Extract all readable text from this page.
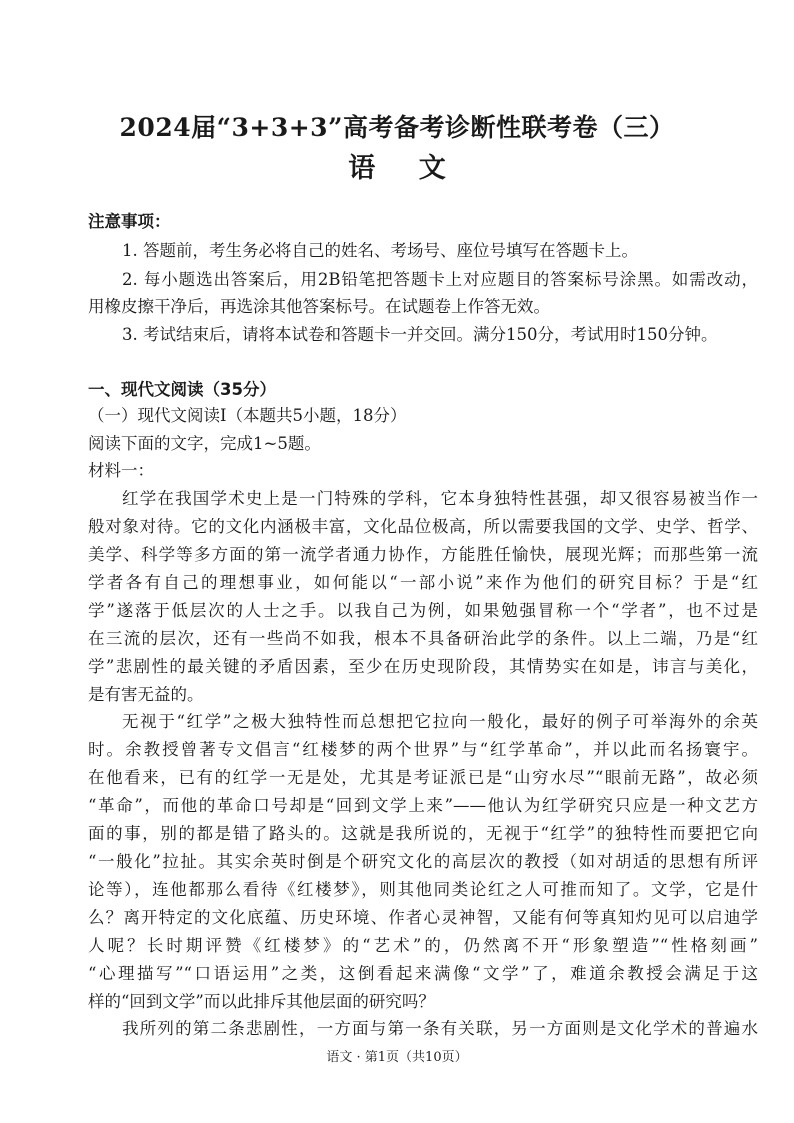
2024届“3+3+3”高考备考诊断性联考卷（三）
语 文

注意事项：

1. 答题前，考生务必将自己的姓名、考场号、座位号填写在答题卡上。

2. 每小题选出答案后，用2B铅笔把答题卡上对应题目的答案标号涂黑。如需改动，

用橡皮擦干净后，再选涂其他答案标号。在试题卷上作答无效。

3. 考试结束后，请将本试卷和答题卡一并交回。满分150分，考试用时150分钟。

一、现代文阅读（35分）

（一）现代文阅读Ⅰ（本题共5小题，18分）

阅读下面的文字，完成1~5题。

材料一：

红学在我国学术史上是一门特殊的学科，它本身独特性甚强，却又很容易被当作一

般对象对待。它的文化内涵极丰富，文化品位极高，所以需要我国的文学、史学、哲学、

美学、科学等多方面的第一流学者通力协作，方能胜任愉快，展现光辉；而那些第一流

学者各有自己的理想事业，如何能以“一部小说”来作为他们的研究目标？于是“红

学”遂落于低层次的人士之手。以我自己为例，如果勉强冒称一个“学者”，也不过是

在三流的层次，还有一些尚不如我，根本不具备研治此学的条件。以上二端，乃是“红

学”悲剧性的最关键的矛盾因素，至少在历史现阶段，其情势实在如是，讳言与美化，

是有害无益的。

无视于“红学”之极大独特性而总想把它拉向一般化，最好的例子可举海外的余英

时。余教授曾著专文倡言“红楼梦的两个世界”与“红学革命”，并以此而名扬寰宇。

在他看来，已有的红学一无是处，尤其是考证派已是“山穷水尽”“眼前无路”，故必须

“革命”，而他的革命口号却是“回到文学上来”——他认为红学研究只应是一种文艺方

面的事，别的都是错了路头的。这就是我所说的，无视于“红学”的独特性而要把它向

“一般化”拉扯。其实余英时倒是个研究文化的高层次的教授（如对胡适的思想有所评

论等），连他都那么看待《红楼梦》，则其他同类论红之人可推而知了。文学，它是什

么？离开特定的文化底蕴、历史环境、作者心灵神智，又能有何等真知灼见可以启迪学

人呢？长时期评赞《红楼梦》的“艺术”的，仍然离不开“形象塑造”“性格刻画”

“心理描写”“口语运用”之类，这倒看起来满像“文学”了，难道余教授会满足于这

样的“回到文学”而以此排斥其他层面的研究吗？

我所列的第二条悲剧性，一方面与第一条有关联，另一方面则是文化学术的普遍水

语文 · 第1页（共10页）
